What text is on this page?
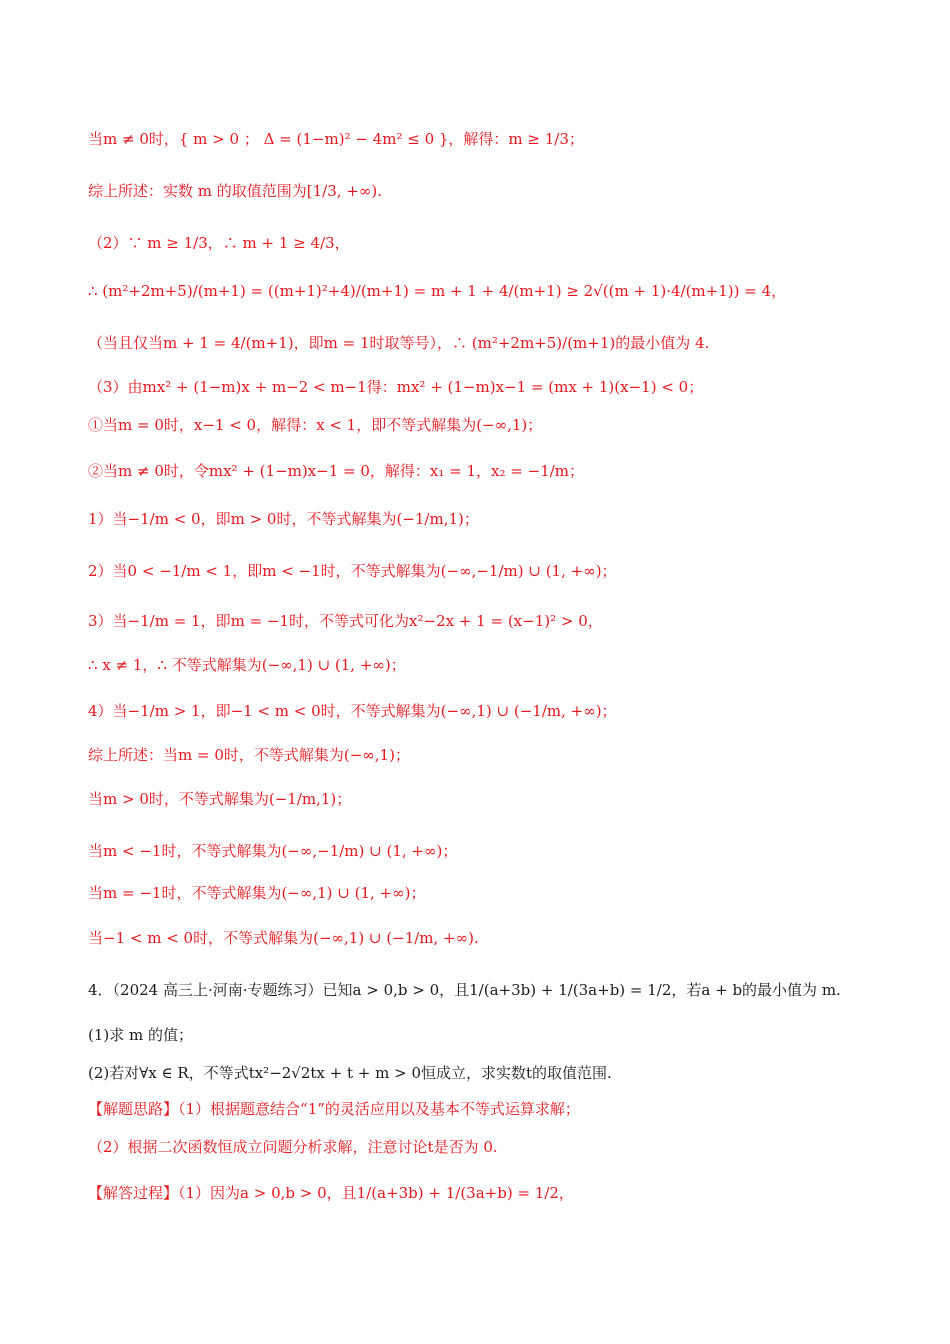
当m ≠ 0时，{ m > 0 ； Δ = (1−m)² − 4m² ≤ 0 }，解得：m ≥ 1/3；
综上所述：实数 m 的取值范围为[1/3, +∞).
（2）∵ m ≥ 1/3，∴ m + 1 ≥ 4/3，
∴ (m²+2m+5)/(m+1) = ((m+1)²+4)/(m+1) = m + 1 + 4/(m+1) ≥ 2√((m + 1)·4/(m+1)) = 4，
（当且仅当m + 1 = 4/(m+1)，即m = 1时取等号），∴ (m²+2m+5)/(m+1)的最小值为 4.
（3）由mx² + (1−m)x + m−2 < m−1得：mx² + (1−m)x−1 = (mx + 1)(x−1) < 0；
①当m = 0时，x−1 < 0，解得：x < 1，即不等式解集为(−∞,1)；
②当m ≠ 0时，令mx² + (1−m)x−1 = 0，解得：x₁ = 1，x₂ = −1/m；
1）当−1/m < 0，即m > 0时，不等式解集为(−1/m,1)；
2）当0 < −1/m < 1，即m < −1时，不等式解集为(−∞,−1/m) ∪ (1, +∞)；
3）当−1/m = 1，即m = −1时，不等式可化为x²−2x + 1 = (x−1)² > 0，
∴ x ≠ 1，∴ 不等式解集为(−∞,1) ∪ (1, +∞)；
4）当−1/m > 1，即−1 < m < 0时，不等式解集为(−∞,1) ∪ (−1/m, +∞)；
综上所述：当m = 0时，不等式解集为(−∞,1)；
当m > 0时，不等式解集为(−1/m,1)；
当m < −1时，不等式解集为(−∞,−1/m) ∪ (1, +∞)；
当m = −1时，不等式解集为(−∞,1) ∪ (1, +∞)；
当−1 < m < 0时，不等式解集为(−∞,1) ∪ (−1/m, +∞).
4．（2024 高三上·河南·专题练习）已知a > 0,b > 0，且1/(a+3b) + 1/(3a+b) = 1/2，若a + b的最小值为 m.
(1)求 m 的值；
(2)若对∀x ∈ R，不等式tx²−2√2tx + t + m > 0恒成立，求实数t的取值范围.
【解题思路】（1）根据题意结合“1”的灵活应用以及基本不等式运算求解；
（2）根据二次函数恒成立问题分析求解，注意讨论t是否为 0.
【解答过程】（1）因为a > 0,b > 0，且1/(a+3b) + 1/(3a+b) = 1/2，
